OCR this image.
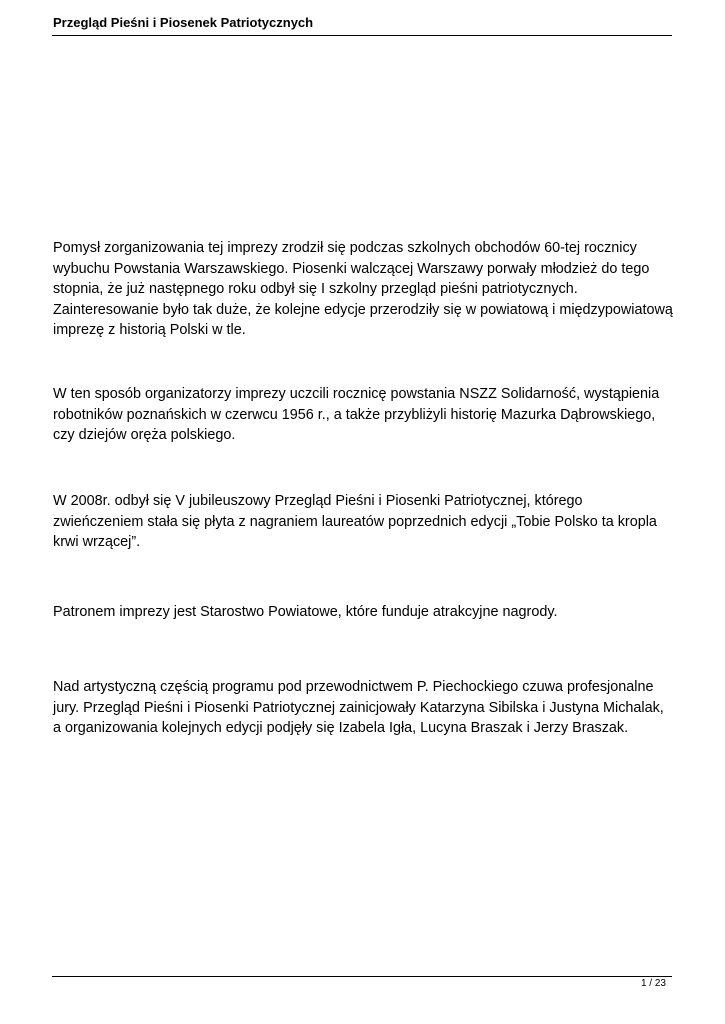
Przegląd Pieśni i Piosenek Patriotycznych

Pomysł zorganizowania tej imprezy zrodził się podczas szkolnych obchodów 60-tej rocznicy wybuchu Powstania Warszawskiego. Piosenki walczącej Warszawy porwały młodzież do tego stopnia, że już następnego roku odbył się I szkolny przegląd pieśni patriotycznych. Zainteresowanie było tak duże, że kolejne edycje przerodziły się w powiatową i międzypowiatową imprezę z historią Polski w tle.

W ten sposób organizatorzy imprezy uczcili rocznicę powstania NSZZ Solidarność, wystąpienia robotników poznańskich w czerwcu 1956 r., a także przybliżyli historię Mazurka Dąbrowskiego, czy dziejów oręża polskiego.

W 2008r. odbył się V jubileuszowy Przegląd Pieśni i Piosenki Patriotycznej, którego zwieńczeniem stała się płyta z nagraniem laureatów poprzednich edycji „Tobie Polsko ta kropla krwi wrzącej”.

Patronem imprezy jest Starostwo Powiatowe, które funduje atrakcyjne nagrody.

Nad artystyczną częścią programu pod przewodnictwem P. Piechockiego czuwa profesjonalne jury. Przegląd Pieśni i Piosenki Patriotycznej zainicjowały Katarzyna Sibilska i Justyna Michalak, a organizowania kolejnych edycji podjęły się Izabela Igła, Lucyna Braszak i Jerzy Braszak.

1 / 23
